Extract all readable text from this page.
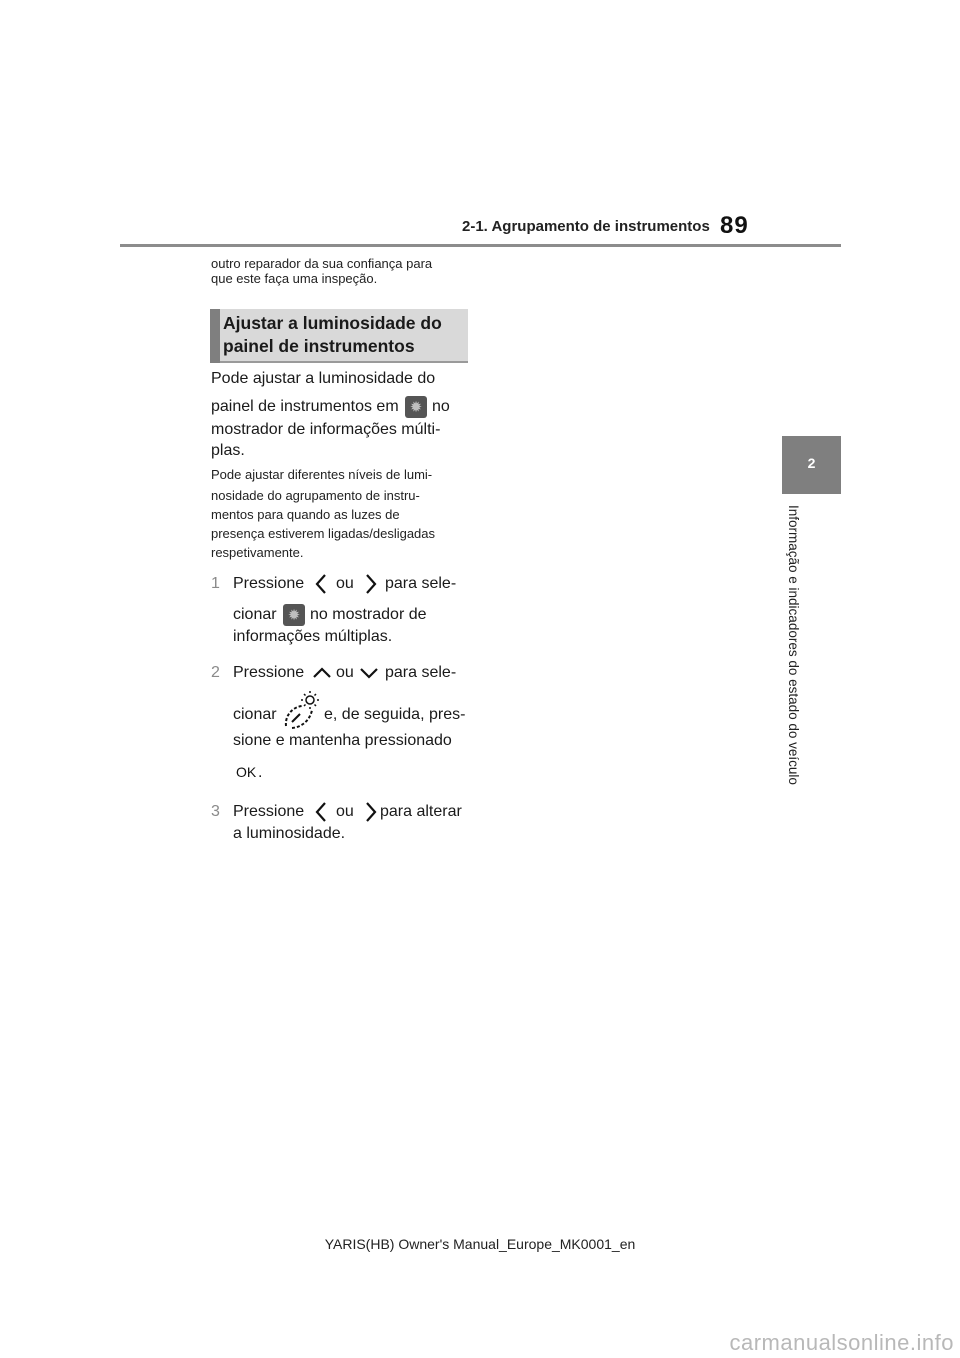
2-1. Agrupamento de instrumentos 89
outro reparador da sua confiança para
que este faça uma inspeção.
Ajustar a luminosidade do
painel de instrumentos
Pode ajustar a luminosidade do
painel de instrumentos em ✹ no
mostrador de informações múlti-
plas.
Pode ajustar diferentes níveis de lumi-
nosidade do agrupamento de instru-
mentos para quando as luzes de
presença estiverem ligadas/desligadas
respetivamente.
1 Pressione ou para sele-
cionar ✹ no mostrador de
informações múltiplas.
2 Pressione ou para sele-
cionar	e, de seguida, pres-
sione e mantenha pressionado
OK .
3 Pressione ou para alterar
a luminosidade.
2
Informação e indicadores do estado do veículo
YARIS(HB) Owner's Manual_Europe_MK0001_en
carmanualsonline.info
